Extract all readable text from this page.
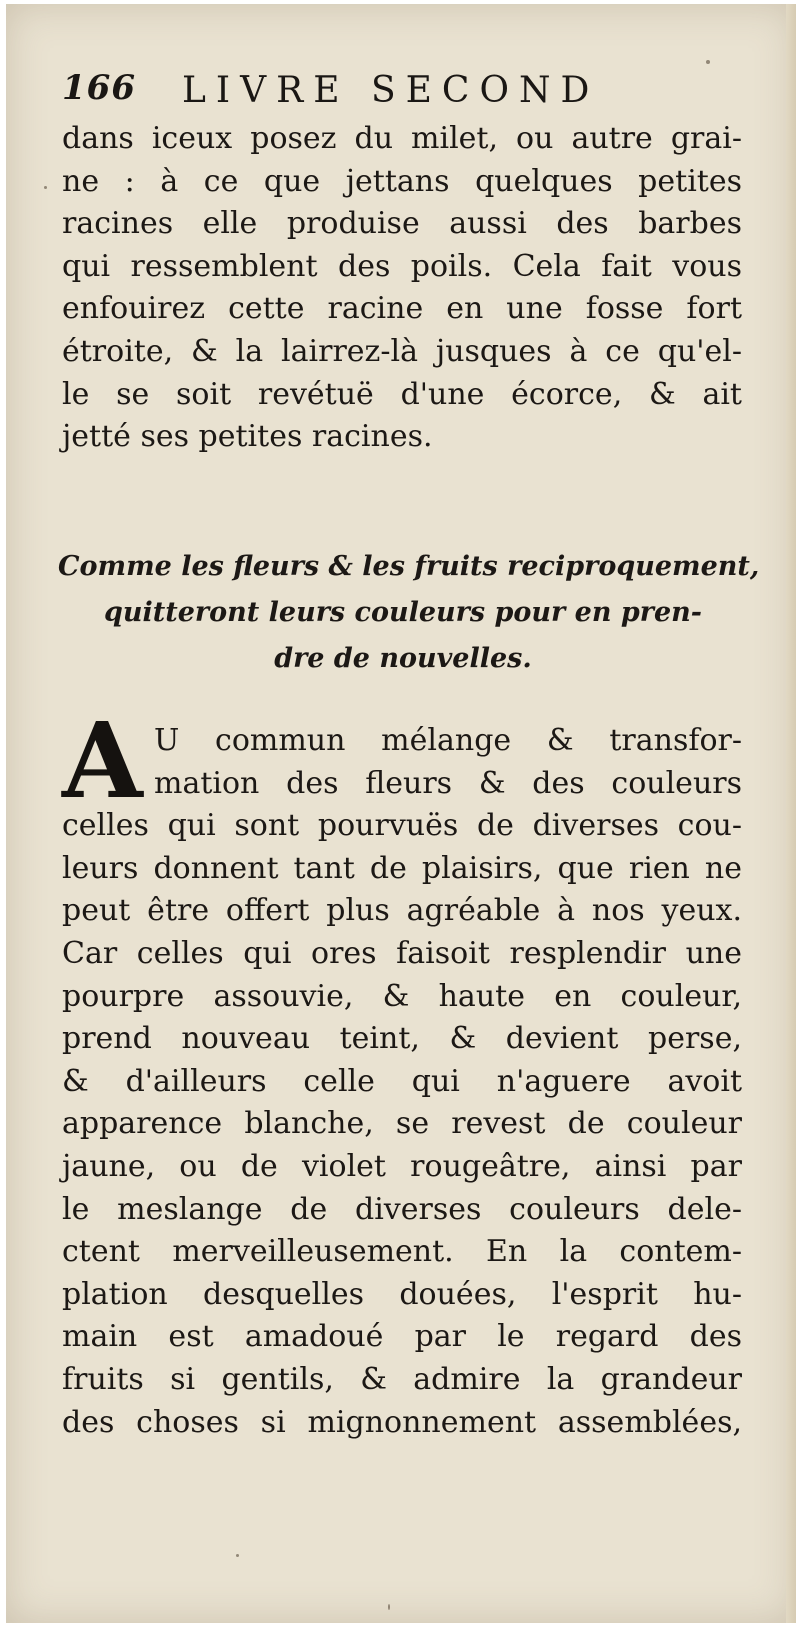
166 LIVRE SECOND
dans iceux posez du milet, ou autre grai-
ne : à ce que jettans quelques petites
racines elle produise aussi des barbes
qui ressemblent des poils. Cela fait vous
enfouirez cette racine en une fosse fort
étroite, & la lairrez-là jusques à ce qu'el-
le se soit revétuë d'une écorce, & ait
jetté ses petites racines.
Comme les fleurs & les fruits reciproquement,
quitteront leurs couleurs pour en pren-
dre de nouvelles.
A U commun mélange & transfor-
mation des fleurs & des couleurs
celles qui sont pourvuës de diverses cou-
leurs donnent tant de plaisirs, que rien ne
peut être offert plus agréable à nos yeux.
Car celles qui ores faisoit resplendir une
pourpre assouvie, & haute en couleur,
prend nouveau teint, & devient perse,
& d'ailleurs celle qui n'aguere avoit
apparence blanche, se revest de couleur
jaune, ou de violet rougeâtre, ainsi par
le meslange de diverses couleurs dele-
ctent merveilleusement. En la contem-
plation desquelles douées, l'esprit hu-
main est amadoué par le regard des
fruits si gentils, & admire la grandeur
des choses si mignonnement assemblées,
